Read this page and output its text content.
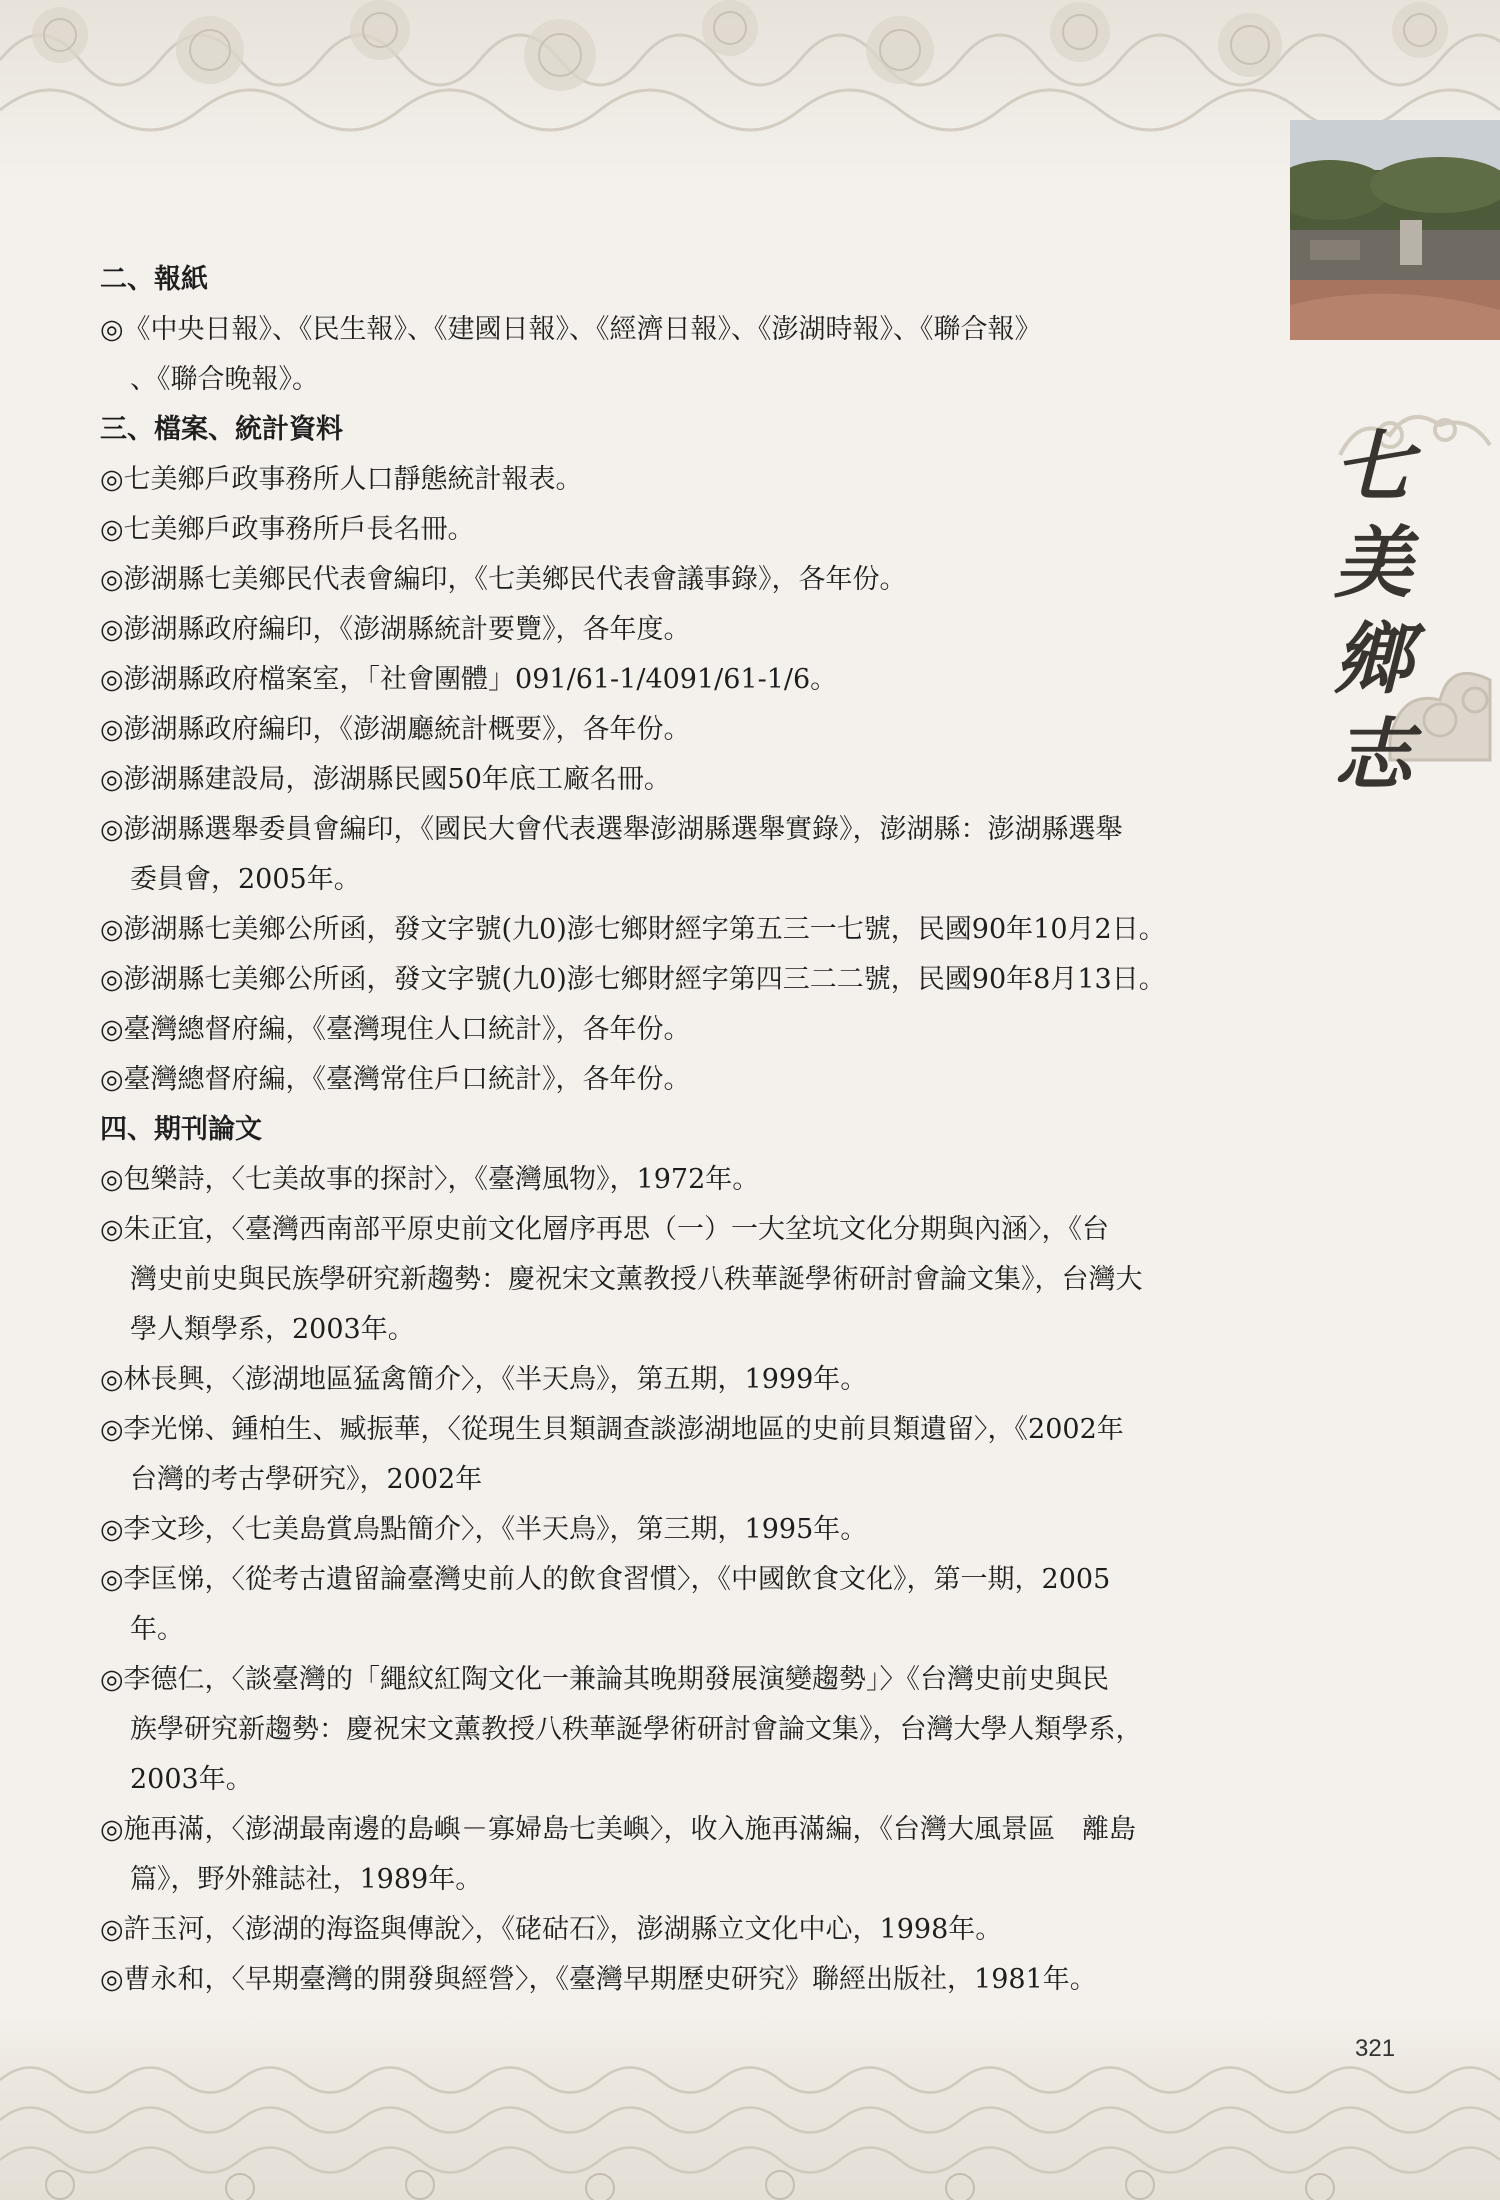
七
美
鄉
志
二、報紙
◎《中央日報》、《民生報》、《建國日報》、《經濟日報》、《澎湖時報》、《聯合報》
、《聯合晚報》。
三、檔案、統計資料
◎七美鄉戶政事務所人口靜態統計報表。
◎七美鄉戶政事務所戶長名冊。
◎澎湖縣七美鄉民代表會編印，《七美鄉民代表會議事錄》，各年份。
◎澎湖縣政府編印，《澎湖縣統計要覽》，各年度。
◎澎湖縣政府檔案室，「社會團體」091/61-1/4091/61-1/6。
◎澎湖縣政府編印，《澎湖廳統計概要》，各年份。
◎澎湖縣建設局，澎湖縣民國50年底工廠名冊。
◎澎湖縣選舉委員會編印，《國民大會代表選舉澎湖縣選舉實錄》，澎湖縣：澎湖縣選舉
委員會，2005年。
◎澎湖縣七美鄉公所函，發文字號(九0)澎七鄉財經字第五三一七號，民國90年10月2日。
◎澎湖縣七美鄉公所函，發文字號(九0)澎七鄉財經字第四三二二號，民國90年8月13日。
◎臺灣總督府編，《臺灣現住人口統計》，各年份。
◎臺灣總督府編，《臺灣常住戶口統計》，各年份。
四、期刊論文
◎包樂詩，〈七美故事的探討〉，《臺灣風物》，1972年。
◎朱正宜，〈臺灣西南部平原史前文化層序再思（一）一大坌坑文化分期與內涵〉，《台
灣史前史與民族學研究新趨勢：慶祝宋文薰教授八秩華誕學術研討會論文集》，台灣大
學人類學系，2003年。
◎林長興，〈澎湖地區猛禽簡介〉，《半天鳥》，第五期，1999年。
◎李光悌、鍾柏生、臧振華，〈從現生貝類調查談澎湖地區的史前貝類遺留〉，《2002年
台灣的考古學研究》，2002年
◎李文珍，〈七美島賞鳥點簡介〉，《半天鳥》，第三期，1995年。
◎李匡悌，〈從考古遺留論臺灣史前人的飲食習慣〉，《中國飲食文化》，第一期，2005
年。
◎李德仁，〈談臺灣的「繩紋紅陶文化一兼論其晚期發展演變趨勢」〉《台灣史前史與民
族學研究新趨勢：慶祝宋文薰教授八秩華誕學術研討會論文集》，台灣大學人類學系，
2003年。
◎施再滿，〈澎湖最南邊的島嶼－寡婦島七美嶼〉，收入施再滿編，《台灣大風景區　離島
篇》，野外雜誌社，1989年。
◎許玉河，〈澎湖的海盜與傳說〉，《硓𥑮石》，澎湖縣立文化中心，1998年。
◎曹永和，〈早期臺灣的開發與經營〉，《臺灣早期歷史研究》聯經出版社，1981年。
321
